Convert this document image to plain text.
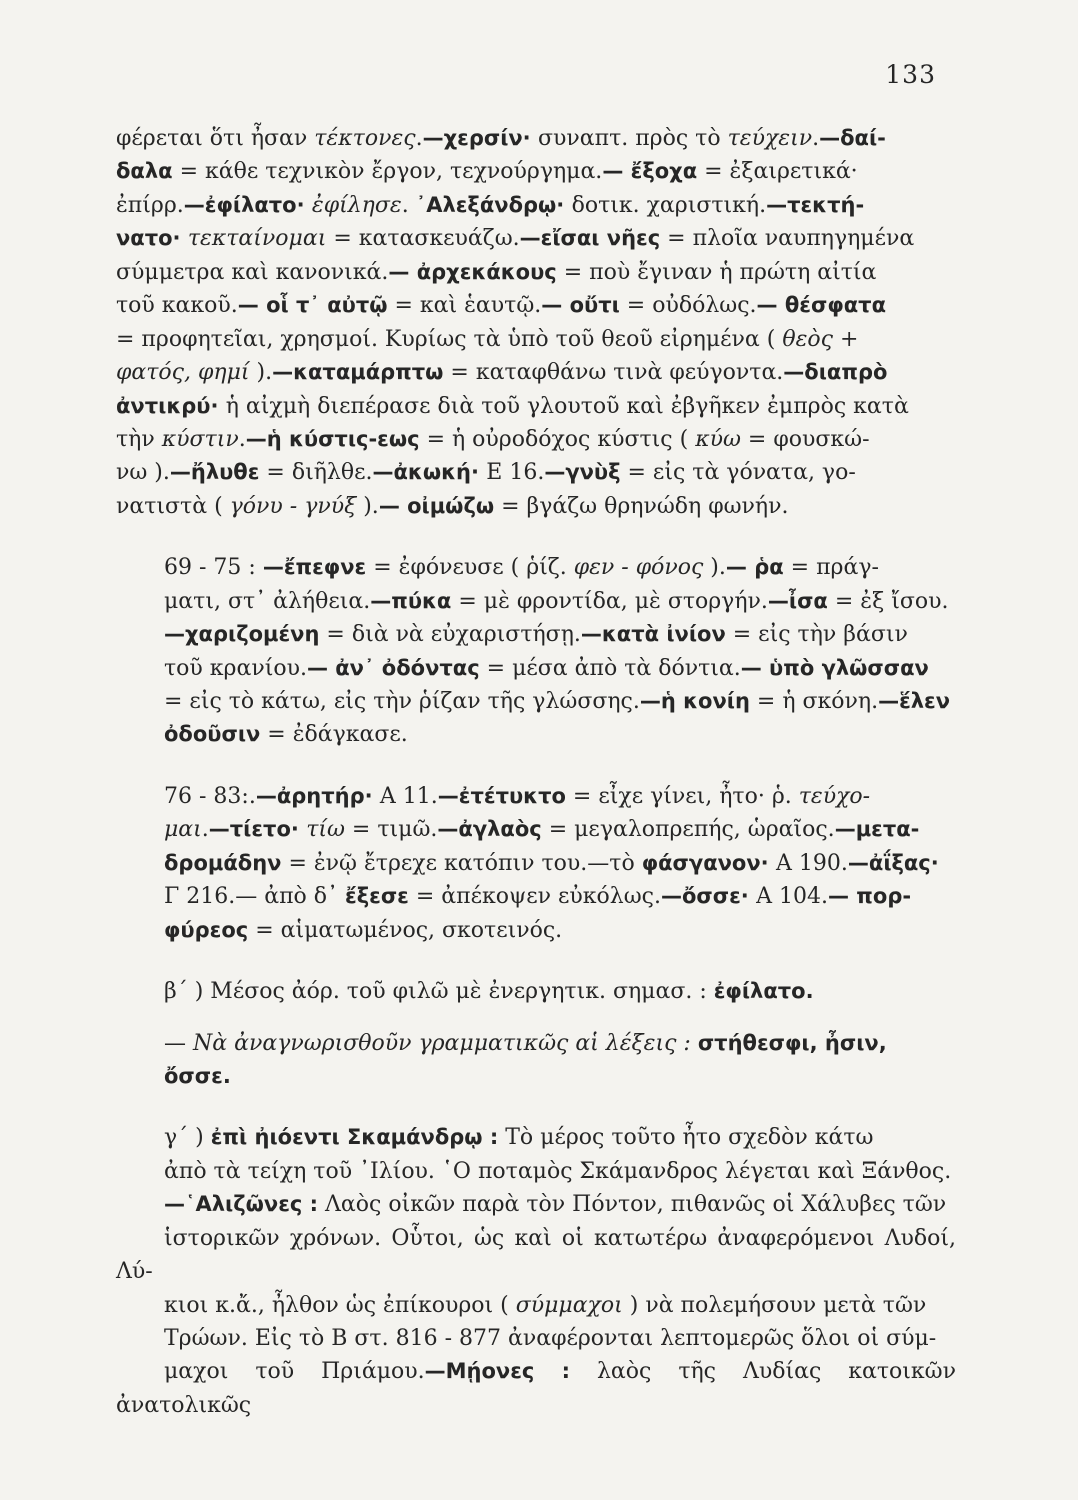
133

φέρεται ὅτι ἦσαν τέκτονες.—χερσίν· συναπτ. πρὸς τὸ τεύχειν.—δαί-
δαλα = κάθε τεχνικὸν ἔργον, τεχνούργημα.— ἔξοχα = ἐξαιρετικά·
ἐπίρρ.—ἐφίλατο· ἐφίλησε. ᾿Αλεξάνδρῳ· δοτικ. χαριστική.—τεκτή-
νατο· τεκταίνομαι = κατασκευάζω.—εἴσαι νῆες = πλοῖα ναυπηγημένα
σύμμετρα καὶ κανονικά.— ἀρχεκάκους = ποὺ ἔγιναν ἡ πρώτη αἰτία
τοῦ κακοῦ.— οἷ τ᾿ αὐτῷ = καὶ ἑαυτῷ.— οὔτι = οὐδόλως.— θέσφατα
= προφητεῖαι, χρησμοί. Κυρίως τὰ ὑπὸ τοῦ θεοῦ εἰρημένα ( θεὸς +
φατός, φημί ).—καταμάρπτω = καταφθάνω τινὰ φεύγοντα.—διαπρὸ
ἀντικρύ· ἡ αἰχμὴ διεπέρασε διὰ τοῦ γλουτοῦ καὶ ἐβγῆκεν ἐμπρὸς κατὰ
τὴν κύστιν.—ἡ κύστις-εως = ἡ οὐροδόχος κύστις ( κύω = φουσκώ-
νω ).—ἤλυθε = διῆλθε.—ἀκωκή· Ε 16.—γνὺξ = εἰς τὰ γόνατα, γο-
νατιστὰ ( γόνυ - γνύξ ).— οἰμώζω = βγάζω θρηνώδη φωνήν.

69 - 75 : —ἔπεφνε = ἐφόνευσε ( ῥίζ. φεν - φόνος ).— ῥα = πράγ-
ματι, στ᾿ ἀλήθεια.—πύκα = μὲ φροντίδα, μὲ στοργήν.—ἶσα = ἐξ ἴσου.
—χαριζομένη = διὰ νὰ εὐχαριστήσῃ.—κατὰ ἰνίον = εἰς τὴν βάσιν
τοῦ κρανίου.— ἀν᾿ ὀδόντας = μέσα ἀπὸ τὰ δόντια.— ὑπὸ γλῶσσαν
= εἰς τὸ κάτω, εἰς τὴν ῥίζαν τῆς γλώσσης.—ἡ κονίη = ἡ σκόνη.—ἕλεν
ὀδοῦσιν = ἐδάγκασε.

76 - 83:.—ἀρητήρ· Α 11.—ἐτέτυκτο = εἶχε γίνει, ἦτο· ῥ. τεύχο-
μαι.—τίετο· τίω = τιμῶ.—ἀγλαὸς = μεγαλοπρεπής, ὡραῖος.—μετα-
δρομάδην = ἐνῷ ἔτρεχε κατόπιν του.—τὸ φάσγανον· Α 190.—ἀΐξας·
Γ 216.— ἀπὸ δ᾿ ἔξεσε = ἀπέκοψεν εὐκόλως.—ὄσσε· Α 104.— πορ-
φύρεος = αἱματωμένος, σκοτεινός.

β΄ ) Μέσος ἀόρ. τοῦ φιλῶ μὲ ἐνεργητικ. σημασ. : ἐφίλατο.

— Νὰ ἀναγνωρισθοῦν γραμματικῶς αἱ λέξεις : στήθεσφι, ἦσιν,
ὄσσε.

γ΄ ) ἐπὶ ἠιόεντι Σκαμάνδρῳ : Τὸ μέρος τοῦτο ἦτο σχεδὸν κάτω
ἀπὸ τὰ τείχη τοῦ ᾿Ιλίου. ῾Ο ποταμὸς Σκάμανδρος λέγεται καὶ Ξάνθος.
—῾Αλιζῶνες : Λαὸς οἰκῶν παρὰ τὸν Πόντον, πιθανῶς οἱ Χάλυβες τῶν
ἱστορικῶν χρόνων. Οὗτοι, ὡς καὶ οἱ κατωτέρω ἀναφερόμενοι Λυδοί, Λύ-
κιοι κ.ἄ., ἦλθον ὡς ἐπίκουροι ( σύμμαχοι ) νὰ πολεμήσουν μετὰ τῶν
Τρώων. Εἰς τὸ Β στ. 816 - 877 ἀναφέρονται λεπτομερῶς ὅλοι οἱ σύμ-
μαχοι τοῦ Πριάμου.—Μῄονες : λαὸς τῆς Λυδίας κατοικῶν ἀνατολικῶς
